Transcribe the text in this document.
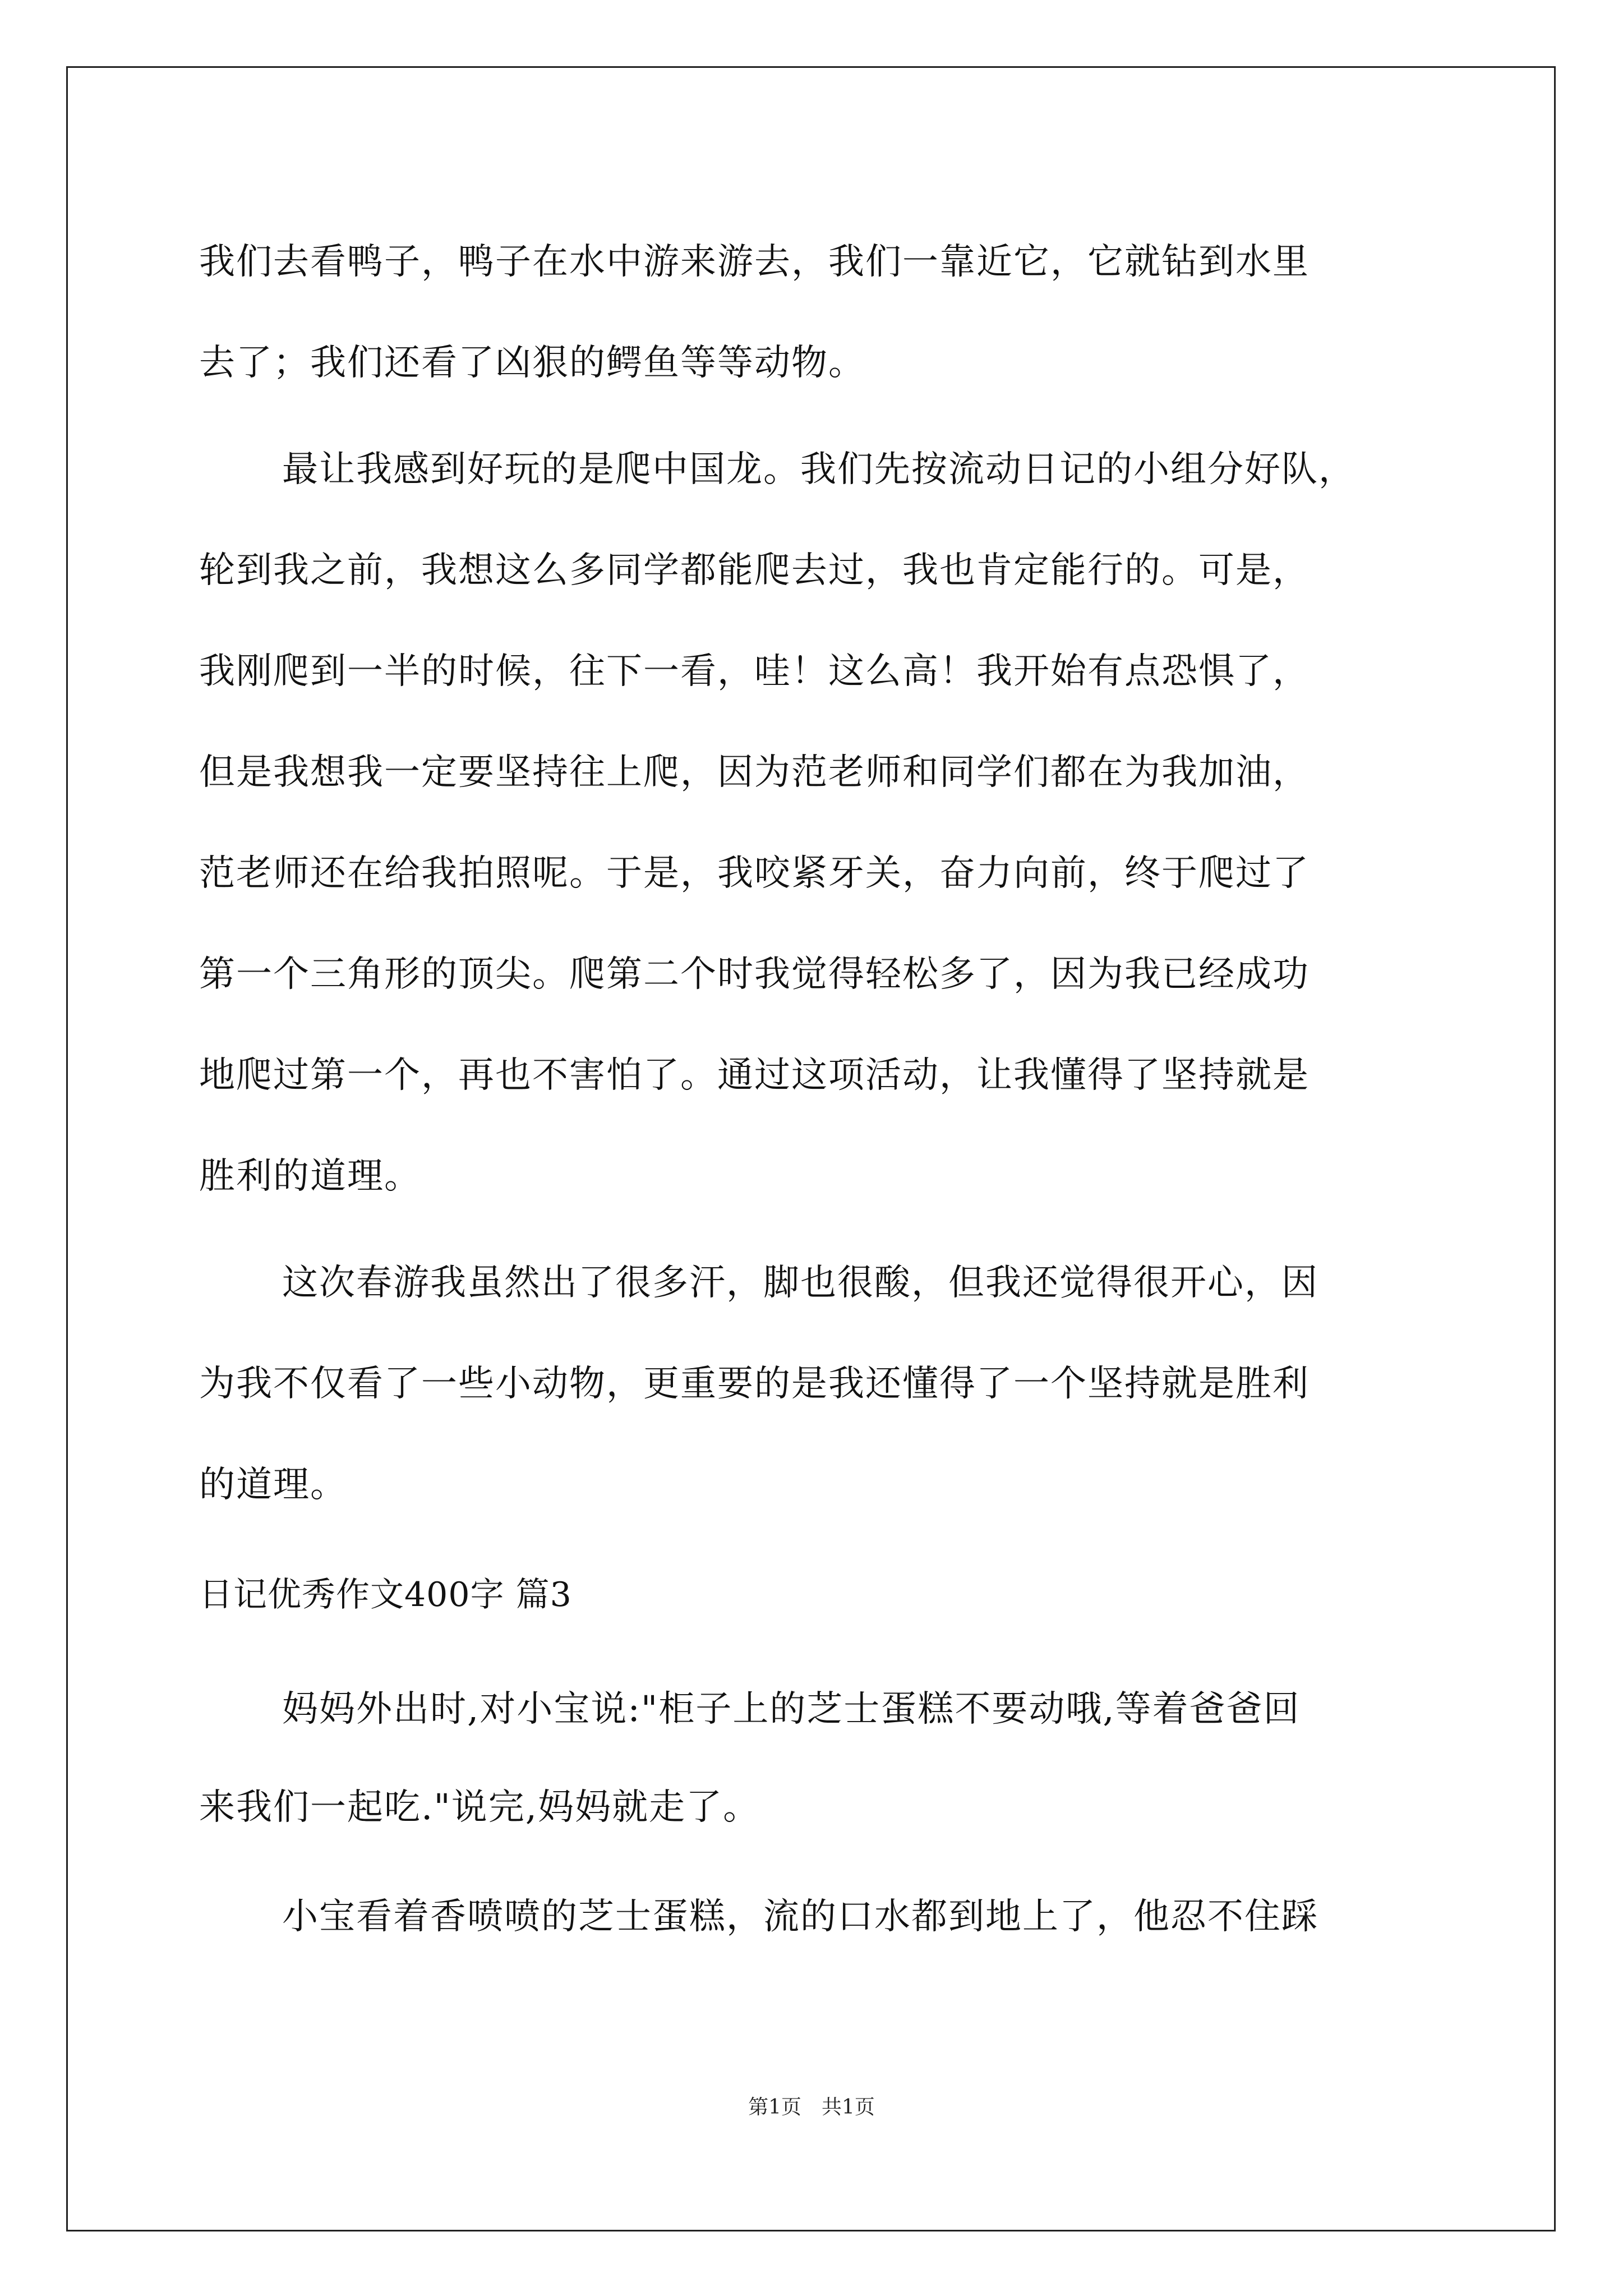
我们去看鸭子，鸭子在水中游来游去，我们一靠近它，它就钻到水里
去了；我们还看了凶狠的鳄鱼等等动物。
最让我感到好玩的是爬中国龙。我们先按流动日记的小组分好队，
轮到我之前，我想这么多同学都能爬去过，我也肯定能行的。可是，
我刚爬到一半的时候，往下一看，哇！这么高！我开始有点恐惧了，
但是我想我一定要坚持往上爬，因为范老师和同学们都在为我加油，
范老师还在给我拍照呢。于是，我咬紧牙关，奋力向前，终于爬过了
第一个三角形的顶尖。爬第二个时我觉得轻松多了，因为我已经成功
地爬过第一个，再也不害怕了。通过这项活动，让我懂得了坚持就是
胜利的道理。
这次春游我虽然出了很多汗，脚也很酸，但我还觉得很开心，因
为我不仅看了一些小动物，更重要的是我还懂得了一个坚持就是胜利
的道理。
日记优秀作文400字 篇3
妈妈外出时,对小宝说:"柜子上的芝士蛋糕不要动哦,等着爸爸回
来我们一起吃."说完,妈妈就走了。
小宝看着香喷喷的芝士蛋糕，流的口水都到地上了，他忍不住踩
第1页　共1页
